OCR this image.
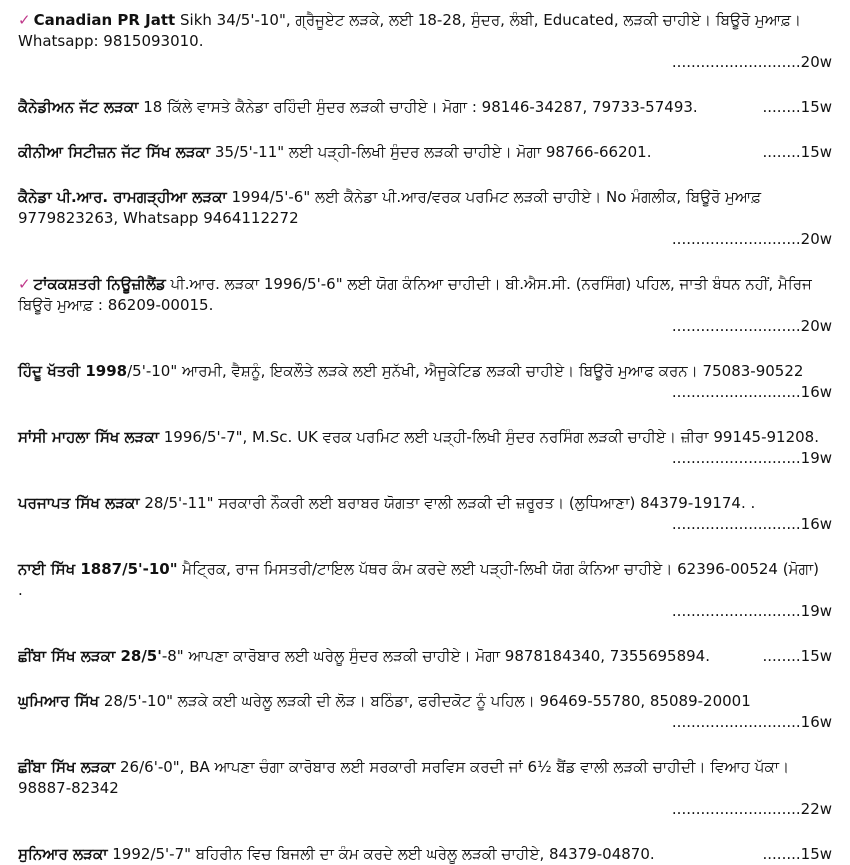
✓ Canadian PR Jatt Sikh 34/5'-10", ਗ੍ਰੈਜੂਏਟ ਲੜਕੇ, ਲਈ 18-28, ਸੁੰਦਰ, ਲੰਬੀ, Educated, ਲੜਕੀ ਚਾਹੀਏ। ਬਿਊਰੋ ਮੁਆਫ਼। Whatsapp: 9815093010.
...........................20w
ਕੈਨੇਡੀਅਨ ਜੱਟ ਲੜਕਾ 18 ਕਿੱਲੇ ਵਾਸਤੇ ਕੈਨੇਡਾ ਰਹਿੰਦੀ ਸੁੰਦਰ ਲੜਕੀ ਚਾਹੀਏ। ਮੋਗਾ : 98146-34287, 79733-57493.	........15w
ਕੀਨੀਆ ਸਿਟੀਜ਼ਨ ਜੱਟ ਸਿੱਖ ਲੜਕਾ 35/5'-11" ਲਈ ਪੜ੍ਹੀ-ਲਿਖੀ ਸੁੰਦਰ ਲੜਕੀ ਚਾਹੀਏ। ਮੋਗਾ 98766-66201.	........15w
ਕੈਨੇਡਾ ਪੀ.ਆਰ. ਰਾਮਗੜ੍ਹੀਆ ਲੜਕਾ 1994/5'-6" ਲਈ ਕੈਨੇਡਾ ਪੀ.ਆਰ/ਵਰਕ ਪਰਮਿਟ ਲੜਕੀ ਚਾਹੀਏ। No ਮੰਗਲੀਕ, ਬਿਊਰੋ ਮੁਆਫ਼ 9779823263, Whatsapp 9464112272
...........................20w
✓ ਟਾਂਕਕਸ਼ਤਰੀ ਨਿਊਜ਼ੀਲੈਂਡ ਪੀ.ਆਰ. ਲੜਕਾ 1996/5'-6" ਲਈ ਯੋਗ ਕੰਨਿਆ ਚਾਹੀਦੀ। ਬੀ.ਐਸ.ਸੀ. (ਨਰਸਿੰਗ) ਪਹਿਲ, ਜਾਤੀ ਬੰਧਨ ਨਹੀਂ, ਮੈਰਿਜ ਬਿਊਰੋ ਮੁਆਫ਼ : 86209-00015.
...........................20w
ਹਿੰਦੂ ਖੱਤਰੀ 1998/5'-10" ਆਰਮੀ, ਵੈਸ਼ਨੂੰ, ਇਕਲੌਤੇ ਲੜਕੇ ਲਈ ਸੁਨੱਖੀ, ਐਜੂਕੇਟਿਡ ਲੜਕੀ ਚਾਹੀਏ। ਬਿਊਰੋ ਮੁਆਫ ਕਰਨ। 75083-90522
...........................16w
ਸਾਂਸੀ ਮਾਹਲਾ ਸਿੱਖ ਲੜਕਾ 1996/5'-7", M.Sc. UK ਵਰਕ ਪਰਮਿਟ ਲਈ ਪੜ੍ਹੀ-ਲਿਖੀ ਸੁੰਦਰ ਨਰਸਿੰਗ ਲੜਕੀ ਚਾਹੀਏ। ਜ਼ੀਰਾ 99145-91208.
...........................19w
ਪਰਜਾਪਤ ਸਿੱਖ ਲੜਕਾ 28/5'-11" ਸਰਕਾਰੀ ਨੌਕਰੀ ਲਈ ਬਰਾਬਰ ਯੋਗਤਾ ਵਾਲੀ ਲੜਕੀ ਦੀ ਜ਼ਰੂਰਤ। (ਲੁਧਿਆਣਾ) 84379-19174. .
...........................16w
ਨਾਈ ਸਿੱਖ 1887/5'-10" ਮੈਟ੍ਰਿਕ, ਰਾਜ ਮਿਸਤਰੀ/ਟਾਇਲ ਪੱਥਰ ਕੰਮ ਕਰਦੇ ਲਈ ਪੜ੍ਹੀ-ਲਿਖੀ ਯੋਗ ਕੰਨਿਆ ਚਾਹੀਏ। 62396-00524 (ਮੋਗਾ) .
...........................19w
ਛੀਂਬਾ ਸਿੱਖ ਲੜਕਾ 28/5'-8" ਆਪਣਾ ਕਾਰੋਬਾਰ ਲਈ ਘਰੇਲੂ ਸੁੰਦਰ ਲੜਕੀ ਚਾਹੀਏ। ਮੋਗਾ 9878184340, 7355695894.	........15w
ਘੁਮਿਆਰ ਸਿੱਖ 28/5'-10" ਲੜਕੇ ਕਈ ਘਰੇਲੂ ਲੜਕੀ ਦੀ ਲੋੜ। ਬਠਿੰਡਾ, ਫਰੀਦਕੋਟ ਨੂੰ ਪਹਿਲ। 96469-55780, 85089-20001
...........................16w
ਛੀਂਬਾ ਸਿੱਖ ਲੜਕਾ 26/6'-0", BA ਆਪਣਾ ਚੰਗਾ ਕਾਰੋਬਾਰ ਲਈ ਸਰਕਾਰੀ ਸਰਵਿਸ ਕਰਦੀ ਜਾਂ 6½ ਬੈਂਡ ਵਾਲੀ ਲੜਕੀ ਚਾਹੀਦੀ। ਵਿਆਹ ਪੱਕਾ। 98887-82342
...........................22w
ਸੁਨਿਆਰ ਲੜਕਾ 1992/5'-7" ਬਹਿਰੀਨ ਵਿਚ ਬਿਜਲੀ ਦਾ ਕੰਮ ਕਰਦੇ ਲਈ ਘਰੇਲੂ ਲੜਕੀ ਚਾਹੀਏ, 84379-04870.	........15w
